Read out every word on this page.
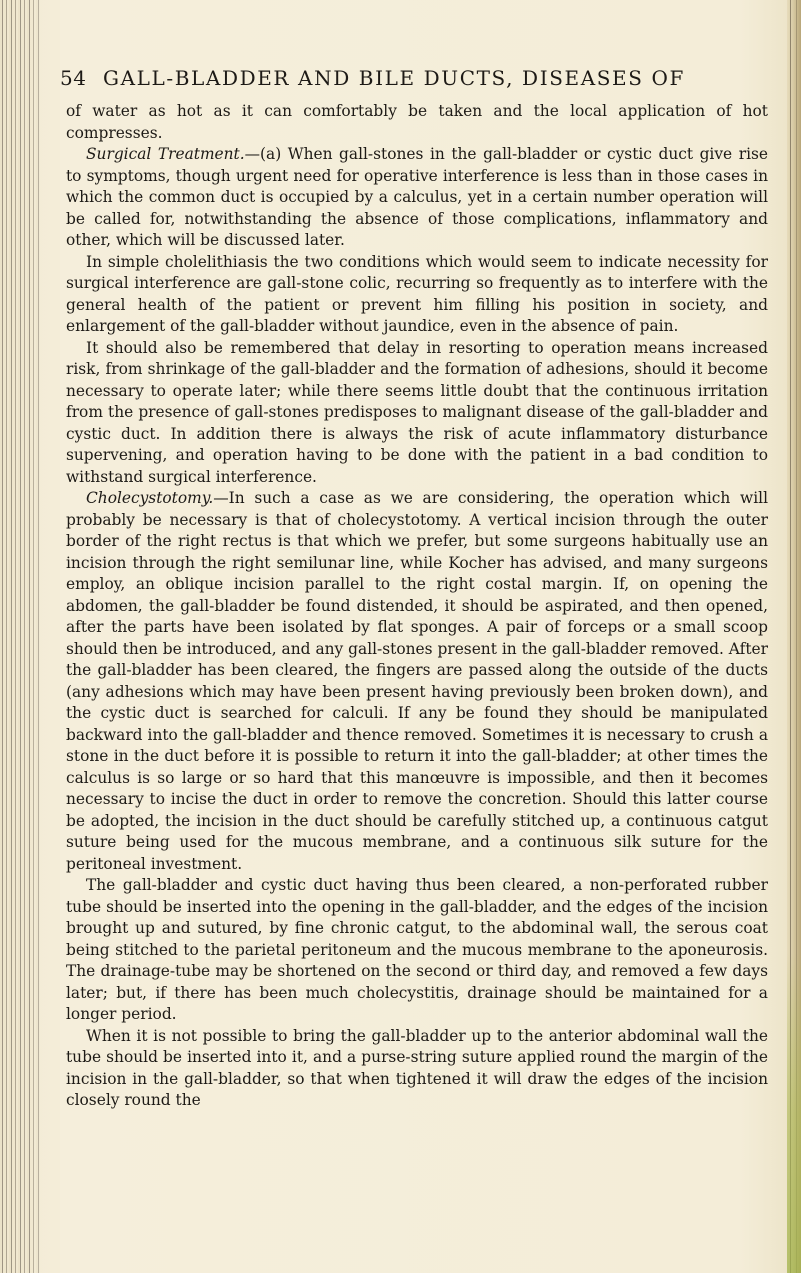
54 GALL-BLADDER AND BILE DUCTS, DISEASES OF

of water as hot as it can comfortably be taken and the local application of hot compresses.

Surgical Treatment.—(a) When gall-stones in the gall-bladder or cystic duct give rise to symptoms, though urgent need for operative interference is less than in those cases in which the common duct is occupied by a calculus, yet in a certain number operation will be called for, notwithstanding the absence of those complications, inflammatory and other, which will be discussed later.

In simple cholelithiasis the two conditions which would seem to indicate necessity for surgical interference are gall-stone colic, recurring so frequently as to interfere with the general health of the patient or prevent him filling his position in society, and enlargement of the gall-bladder without jaundice, even in the absence of pain.

It should also be remembered that delay in resorting to operation means increased risk, from shrinkage of the gall-bladder and the formation of adhesions, should it become necessary to operate later; while there seems little doubt that the continuous irritation from the presence of gall-stones predisposes to malignant disease of the gall-bladder and cystic duct. In addition there is always the risk of acute inflammatory disturbance supervening, and operation having to be done with the patient in a bad condition to withstand surgical interference.

Cholecystotomy.—In such a case as we are considering, the operation which will probably be necessary is that of cholecystotomy. A vertical incision through the outer border of the right rectus is that which we prefer, but some surgeons habitually use an incision through the right semilunar line, while Kocher has advised, and many surgeons employ, an oblique incision parallel to the right costal margin. If, on opening the abdomen, the gall-bladder be found distended, it should be aspirated, and then opened, after the parts have been isolated by flat sponges. A pair of forceps or a small scoop should then be introduced, and any gall-stones present in the gall-bladder removed. After the gall-bladder has been cleared, the fingers are passed along the outside of the ducts (any adhesions which may have been present having previously been broken down), and the cystic duct is searched for calculi. If any be found they should be manipulated backward into the gall-bladder and thence removed. Sometimes it is necessary to crush a stone in the duct before it is possible to return it into the gall-bladder; at other times the calculus is so large or so hard that this manœuvre is impossible, and then it becomes necessary to incise the duct in order to remove the concretion. Should this latter course be adopted, the incision in the duct should be carefully stitched up, a continuous catgut suture being used for the mucous membrane, and a continuous silk suture for the peritoneal investment.

The gall-bladder and cystic duct having thus been cleared, a non-perforated rubber tube should be inserted into the opening in the gall-bladder, and the edges of the incision brought up and sutured, by fine chronic catgut, to the abdominal wall, the serous coat being stitched to the parietal peritoneum and the mucous membrane to the aponeurosis. The drainage-tube may be shortened on the second or third day, and removed a few days later; but, if there has been much cholecystitis, drainage should be maintained for a longer period.

When it is not possible to bring the gall-bladder up to the anterior abdominal wall the tube should be inserted into it, and a purse-string suture applied round the margin of the incision in the gall-bladder, so that when tightened it will draw the edges of the incision closely round the
